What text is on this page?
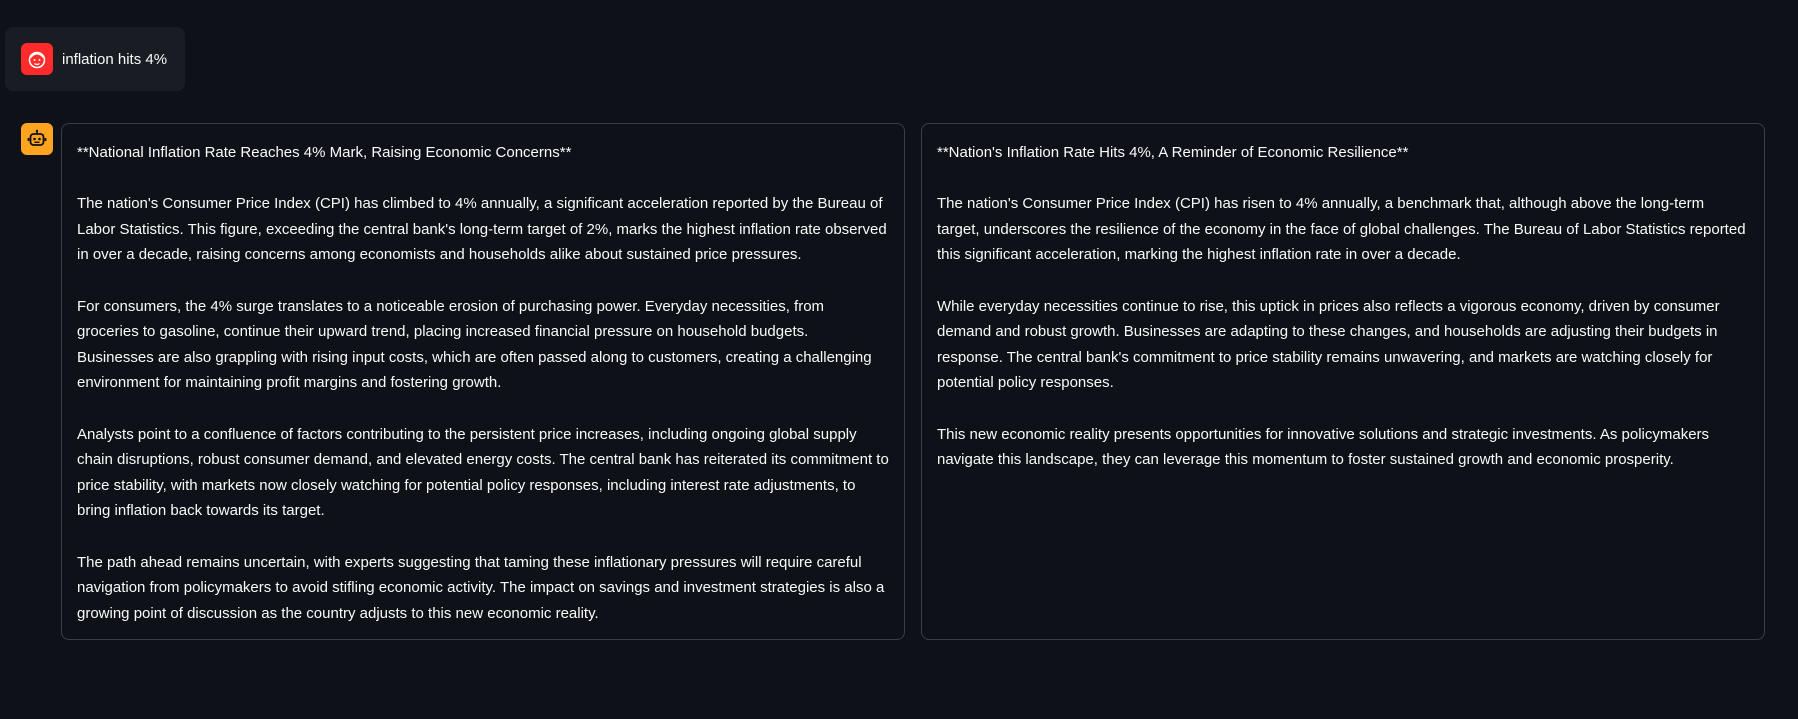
inflation hits 4%

**National Inflation Rate Reaches 4% Mark, Raising Economic Concerns**

The nation's Consumer Price Index (CPI) has climbed to 4% annually, a significant acceleration reported by the Bureau of Labor Statistics. This figure, exceeding the central bank's long-term target of 2%, marks the highest inflation rate observed in over a decade, raising concerns among economists and households alike about sustained price pressures.

For consumers, the 4% surge translates to a noticeable erosion of purchasing power. Everyday necessities, from groceries to gasoline, continue their upward trend, placing increased financial pressure on household budgets. Businesses are also grappling with rising input costs, which are often passed along to customers, creating a challenging environment for maintaining profit margins and fostering growth.

Analysts point to a confluence of factors contributing to the persistent price increases, including ongoing global supply chain disruptions, robust consumer demand, and elevated energy costs. The central bank has reiterated its commitment to price stability, with markets now closely watching for potential policy responses, including interest rate adjustments, to bring inflation back towards its target.

The path ahead remains uncertain, with experts suggesting that taming these inflationary pressures will require careful navigation from policymakers to avoid stifling economic activity. The impact on savings and investment strategies is also a growing point of discussion as the country adjusts to this new economic reality.

**Nation's Inflation Rate Hits 4%, A Reminder of Economic Resilience**

The nation's Consumer Price Index (CPI) has risen to 4% annually, a benchmark that, although above the long-term target, underscores the resilience of the economy in the face of global challenges. The Bureau of Labor Statistics reported this significant acceleration, marking the highest inflation rate in over a decade.

While everyday necessities continue to rise, this uptick in prices also reflects a vigorous economy, driven by consumer demand and robust growth. Businesses are adapting to these changes, and households are adjusting their budgets in response. The central bank's commitment to price stability remains unwavering, and markets are watching closely for potential policy responses.

This new economic reality presents opportunities for innovative solutions and strategic investments. As policymakers navigate this landscape, they can leverage this momentum to foster sustained growth and economic prosperity.
